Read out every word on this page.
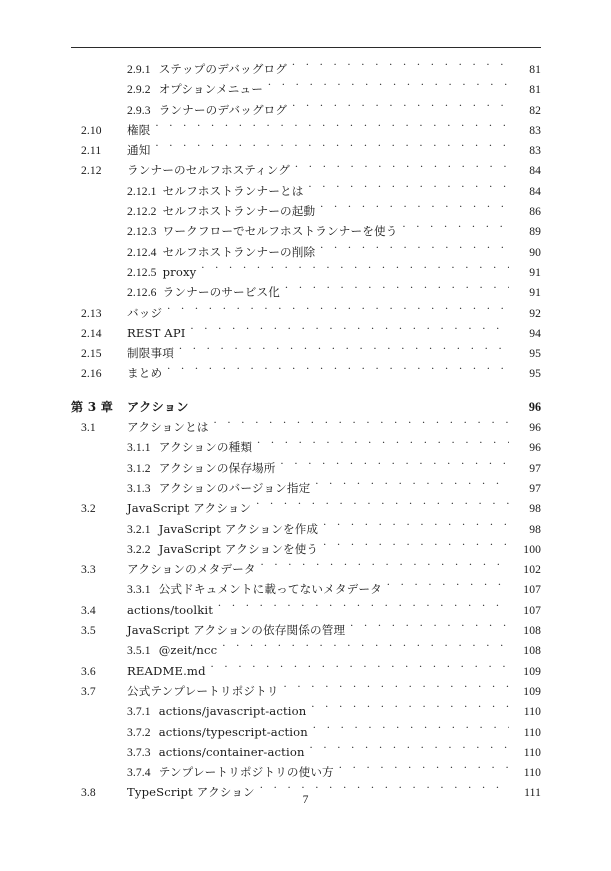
2.9.1 ステップのデバッグログ . . .	81
2.9.2 オプションメニュー . . .	81
2.9.3 ランナーのデバッグログ . . .	82
2.10	権限 . . .	83
2.11	通知 . . .	83
2.12	ランナーのセルフホスティング . . .	84
2.12.1 セルフホストランナーとは . . .	84
2.12.2 セルフホストランナーの起動 . . .	86
2.12.3 ワークフローでセルフホストランナーを使う . . .	89
2.12.4 セルフホストランナーの削除 . . .	90
2.12.5 proxy . . .	91
2.12.6 ランナーのサービス化 . . .	91
2.13	バッジ . . .	92
2.14	REST API . . .	94
2.15	制限事項 . . .	95
2.16	まとめ . . .	95
第 3 章	アクション	96
3.1	アクションとは . . .	96
3.1.1 アクションの種類 . . .	96
3.1.2 アクションの保存場所 . . .	97
3.1.3 アクションのバージョン指定 . . .	97
3.2	JavaScript アクション . . .	98
3.2.1 JavaScript アクションを作成 . . .	98
3.2.2 JavaScript アクションを使う . . .	100
3.3	アクションのメタデータ . . .	102
3.3.1 公式ドキュメントに載ってないメタデータ . . .	107
3.4	actions/toolkit . . .	107
3.5	JavaScript アクションの依存関係の管理 . . .	108
3.5.1 @zeit/ncc . . .	108
3.6	README.md . . .	109
3.7	公式テンプレートリポジトリ . . .	109
3.7.1 actions/javascript-action . . .	110
3.7.2 actions/typescript-action . . .	110
3.7.3 actions/container-action . . .	110
3.7.4 テンプレートリポジトリの使い方 . . .	110
3.8	TypeScript アクション . . .	111
7
